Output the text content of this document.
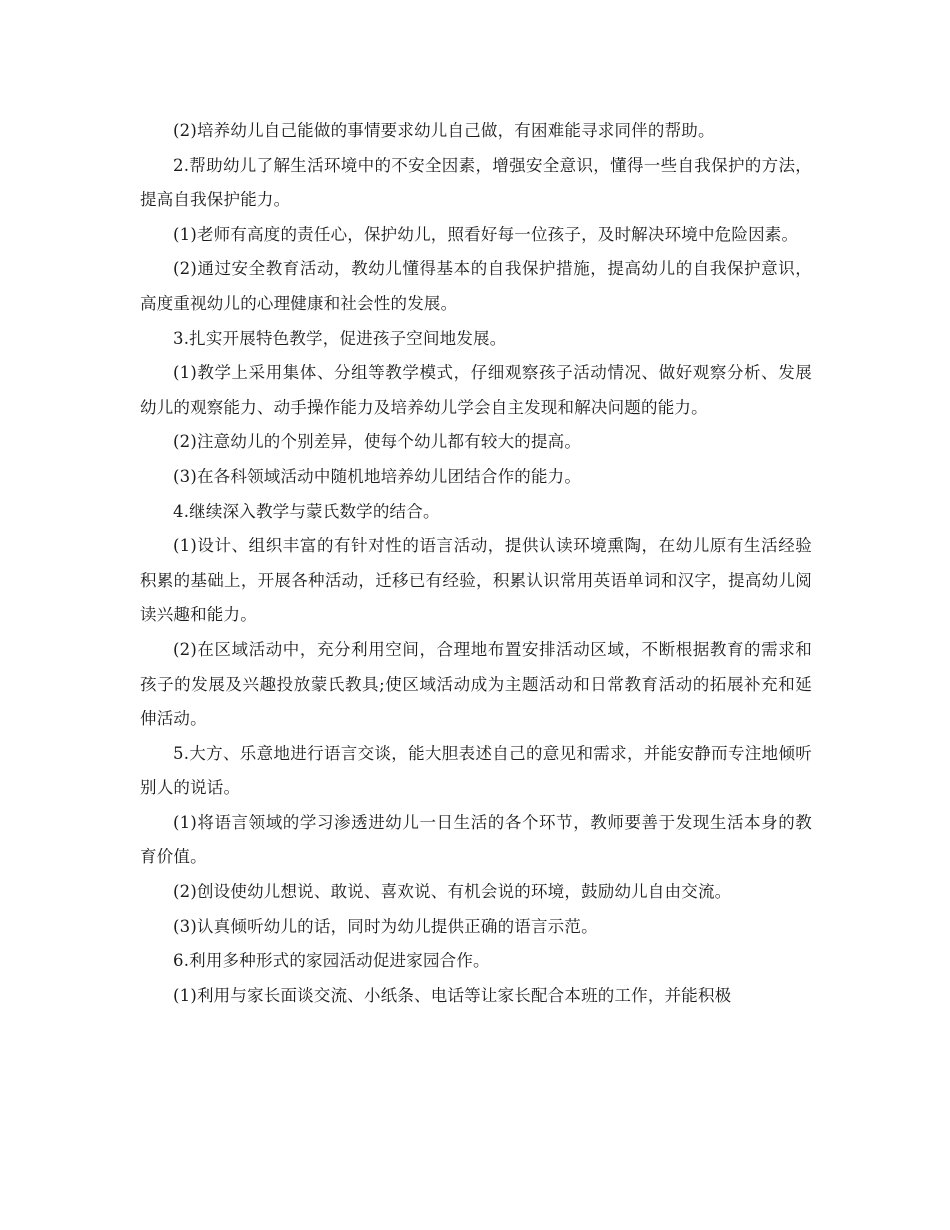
(2)培养幼儿自己能做的事情要求幼儿自己做，有困难能寻求同伴的帮助。

2.帮助幼儿了解生活环境中的不安全因素，增强安全意识，懂得一些自我保护的方法，提高自我保护能力。

(1)老师有高度的责任心，保护幼儿，照看好每一位孩子，及时解决环境中危险因素。

(2)通过安全教育活动，教幼儿懂得基本的自我保护措施，提高幼儿的自我保护意识，高度重视幼儿的心理健康和社会性的发展。

3.扎实开展特色教学，促进孩子空间地发展。

(1)教学上采用集体、分组等教学模式，仔细观察孩子活动情况、做好观察分析、发展幼儿的观察能力、动手操作能力及培养幼儿学会自主发现和解决问题的能力。

(2)注意幼儿的个别差异，使每个幼儿都有较大的提高。

(3)在各科领域活动中随机地培养幼儿团结合作的能力。

4.继续深入教学与蒙氏数学的结合。

(1)设计、组织丰富的有针对性的语言活动，提供认读环境熏陶，在幼儿原有生活经验积累的基础上，开展各种活动，迁移已有经验，积累认识常用英语单词和汉字，提高幼儿阅读兴趣和能力。

(2)在区域活动中，充分利用空间，合理地布置安排活动区域，不断根据教育的需求和孩子的发展及兴趣投放蒙氏教具;使区域活动成为主题活动和日常教育活动的拓展补充和延伸活动。

5.大方、乐意地进行语言交谈，能大胆表述自己的意见和需求，并能安静而专注地倾听别人的说话。

(1)将语言领域的学习渗透进幼儿一日生活的各个环节，教师要善于发现生活本身的教育价值。

(2)创设使幼儿想说、敢说、喜欢说、有机会说的环境，鼓励幼儿自由交流。

(3)认真倾听幼儿的话，同时为幼儿提供正确的语言示范。

6.利用多种形式的家园活动促进家园合作。

(1)利用与家长面谈交流、小纸条、电话等让家长配合本班的工作，并能积极
